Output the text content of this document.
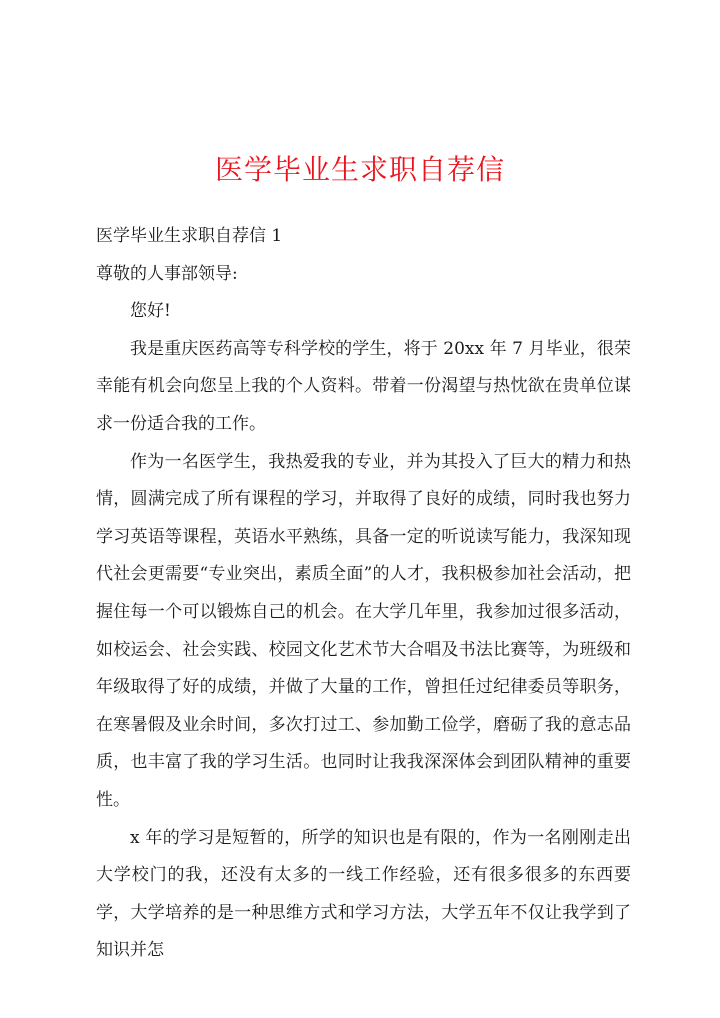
医学毕业生求职自荐信

医学毕业生求职自荐信 1

尊敬的人事部领导:

您好!

我是重庆医药高等专科学校的学生，将于 20xx 年 7 月毕业，很荣幸能有机会向您呈上我的个人资料。带着一份渴望与热忱欲在贵单位谋求一份适合我的工作。

作为一名医学生，我热爱我的专业，并为其投入了巨大的精力和热情，圆满完成了所有课程的学习，并取得了良好的成绩，同时我也努力学习英语等课程，英语水平熟练，具备一定的听说读写能力，我深知现代社会更需要“专业突出，素质全面”的人才，我积极参加社会活动，把握住每一个可以锻炼自己的机会。在大学几年里，我参加过很多活动，如校运会、社会实践、校园文化艺术节大合唱及书法比赛等，为班级和年级取得了好的成绩，并做了大量的工作，曾担任过纪律委员等职务，在寒暑假及业余时间，多次打过工、参加勤工俭学，磨砺了我的意志品质，也丰富了我的学习生活。也同时让我我深深体会到团队精神的重要性。

x 年的学习是短暂的，所学的知识也是有限的，作为一名刚刚走出大学校门的我，还没有太多的一线工作经验，还有很多很多的东西要学，大学培养的是一种思维方式和学习方法，大学五年不仅让我学到了知识并怎
